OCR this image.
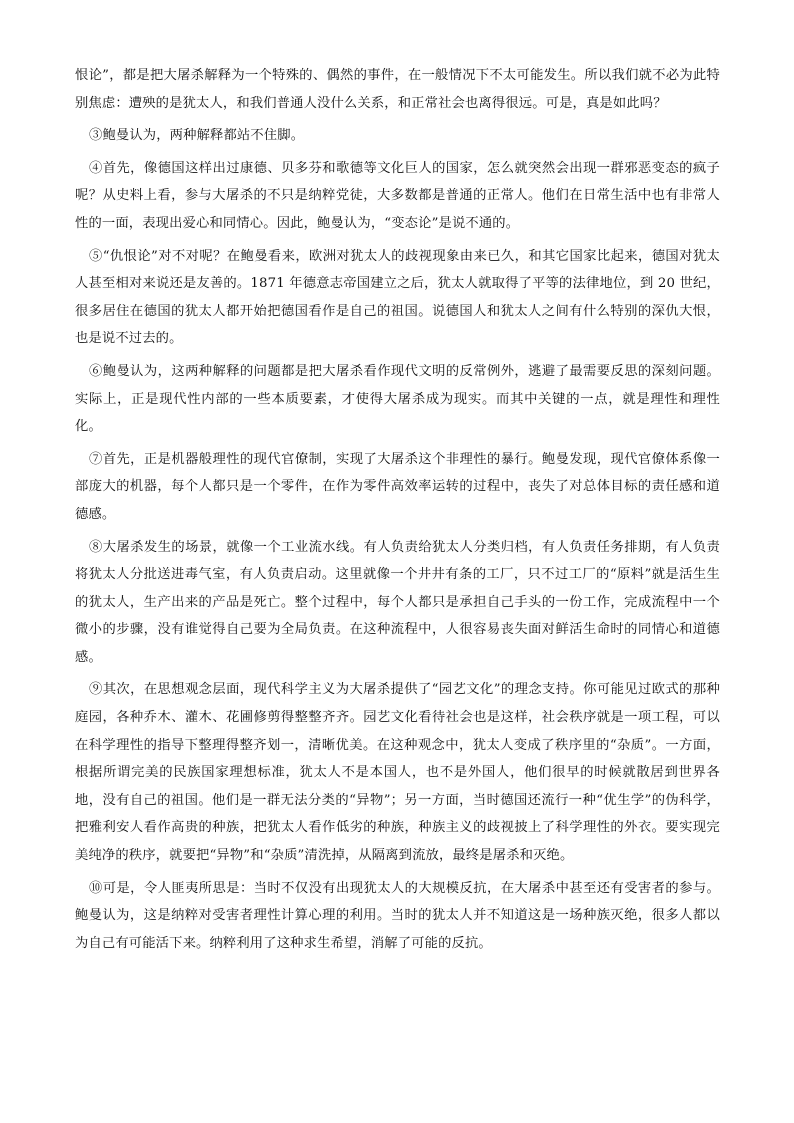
恨论”，都是把大屠杀解释为一个特殊的、偶然的事件，在一般情况下不太可能发生。所以我们就不必为此特别焦虑：遭殃的是犹太人，和我们普通人没什么关系，和正常社会也离得很远。可是，真是如此吗？

③鲍曼认为，两种解释都站不住脚。

④首先，像德国这样出过康德、贝多芬和歌德等文化巨人的国家，怎么就突然会出现一群邪恶变态的疯子呢？从史料上看，参与大屠杀的不只是纳粹党徒，大多数都是普通的正常人。他们在日常生活中也有非常人性的一面，表现出爱心和同情心。因此，鲍曼认为，“变态论”是说不通的。

⑤“仇恨论”对不对呢？在鲍曼看来，欧洲对犹太人的歧视现象由来已久，和其它国家比起来，德国对犹太人甚至相对来说还是友善的。1871 年德意志帝国建立之后，犹太人就取得了平等的法律地位，到 20 世纪，很多居住在德国的犹太人都开始把德国看作是自己的祖国。说德国人和犹太人之间有什么特别的深仇大恨，也是说不过去的。

⑥鲍曼认为，这两种解释的问题都是把大屠杀看作现代文明的反常例外，逃避了最需要反思的深刻问题。实际上，正是现代性内部的一些本质要素，才使得大屠杀成为现实。而其中关键的一点，就是理性和理性化。

⑦首先，正是机器般理性的现代官僚制，实现了大屠杀这个非理性的暴行。鲍曼发现，现代官僚体系像一部庞大的机器，每个人都只是一个零件，在作为零件高效率运转的过程中，丧失了对总体目标的责任感和道德感。

⑧大屠杀发生的场景，就像一个工业流水线。有人负责给犹太人分类归档，有人负责任务排期，有人负责将犹太人分批送进毒气室，有人负责启动。这里就像一个井井有条的工厂，只不过工厂的“原料”就是活生生的犹太人，生产出来的产品是死亡。整个过程中，每个人都只是承担自己手头的一份工作，完成流程中一个微小的步骤，没有谁觉得自己要为全局负责。在这种流程中，人很容易丧失面对鲜活生命时的同情心和道德感。

⑨其次，在思想观念层面，现代科学主义为大屠杀提供了“园艺文化”的理念支持。你可能见过欧式的那种庭园，各种乔木、灌木、花圃修剪得整整齐齐。园艺文化看待社会也是这样，社会秩序就是一项工程，可以在科学理性的指导下整理得整齐划一，清晰优美。在这种观念中，犹太人变成了秩序里的“杂质”。一方面，根据所谓完美的民族国家理想标准，犹太人不是本国人，也不是外国人，他们很早的时候就散居到世界各地，没有自己的祖国。他们是一群无法分类的“异物”；另一方面，当时德国还流行一种“优生学”的伪科学，把雅利安人看作高贵的种族，把犹太人看作低劣的种族，种族主义的歧视披上了科学理性的外衣。要实现完美纯净的秩序，就要把“异物”和“杂质”清洗掉，从隔离到流放，最终是屠杀和灭绝。

⑩可是，令人匪夷所思是：当时不仅没有出现犹太人的大规模反抗，在大屠杀中甚至还有受害者的参与。鲍曼认为，这是纳粹对受害者理性计算心理的利用。当时的犹太人并不知道这是一场种族灭绝，很多人都以为自己有可能活下来。纳粹利用了这种求生希望，消解了可能的反抗。
